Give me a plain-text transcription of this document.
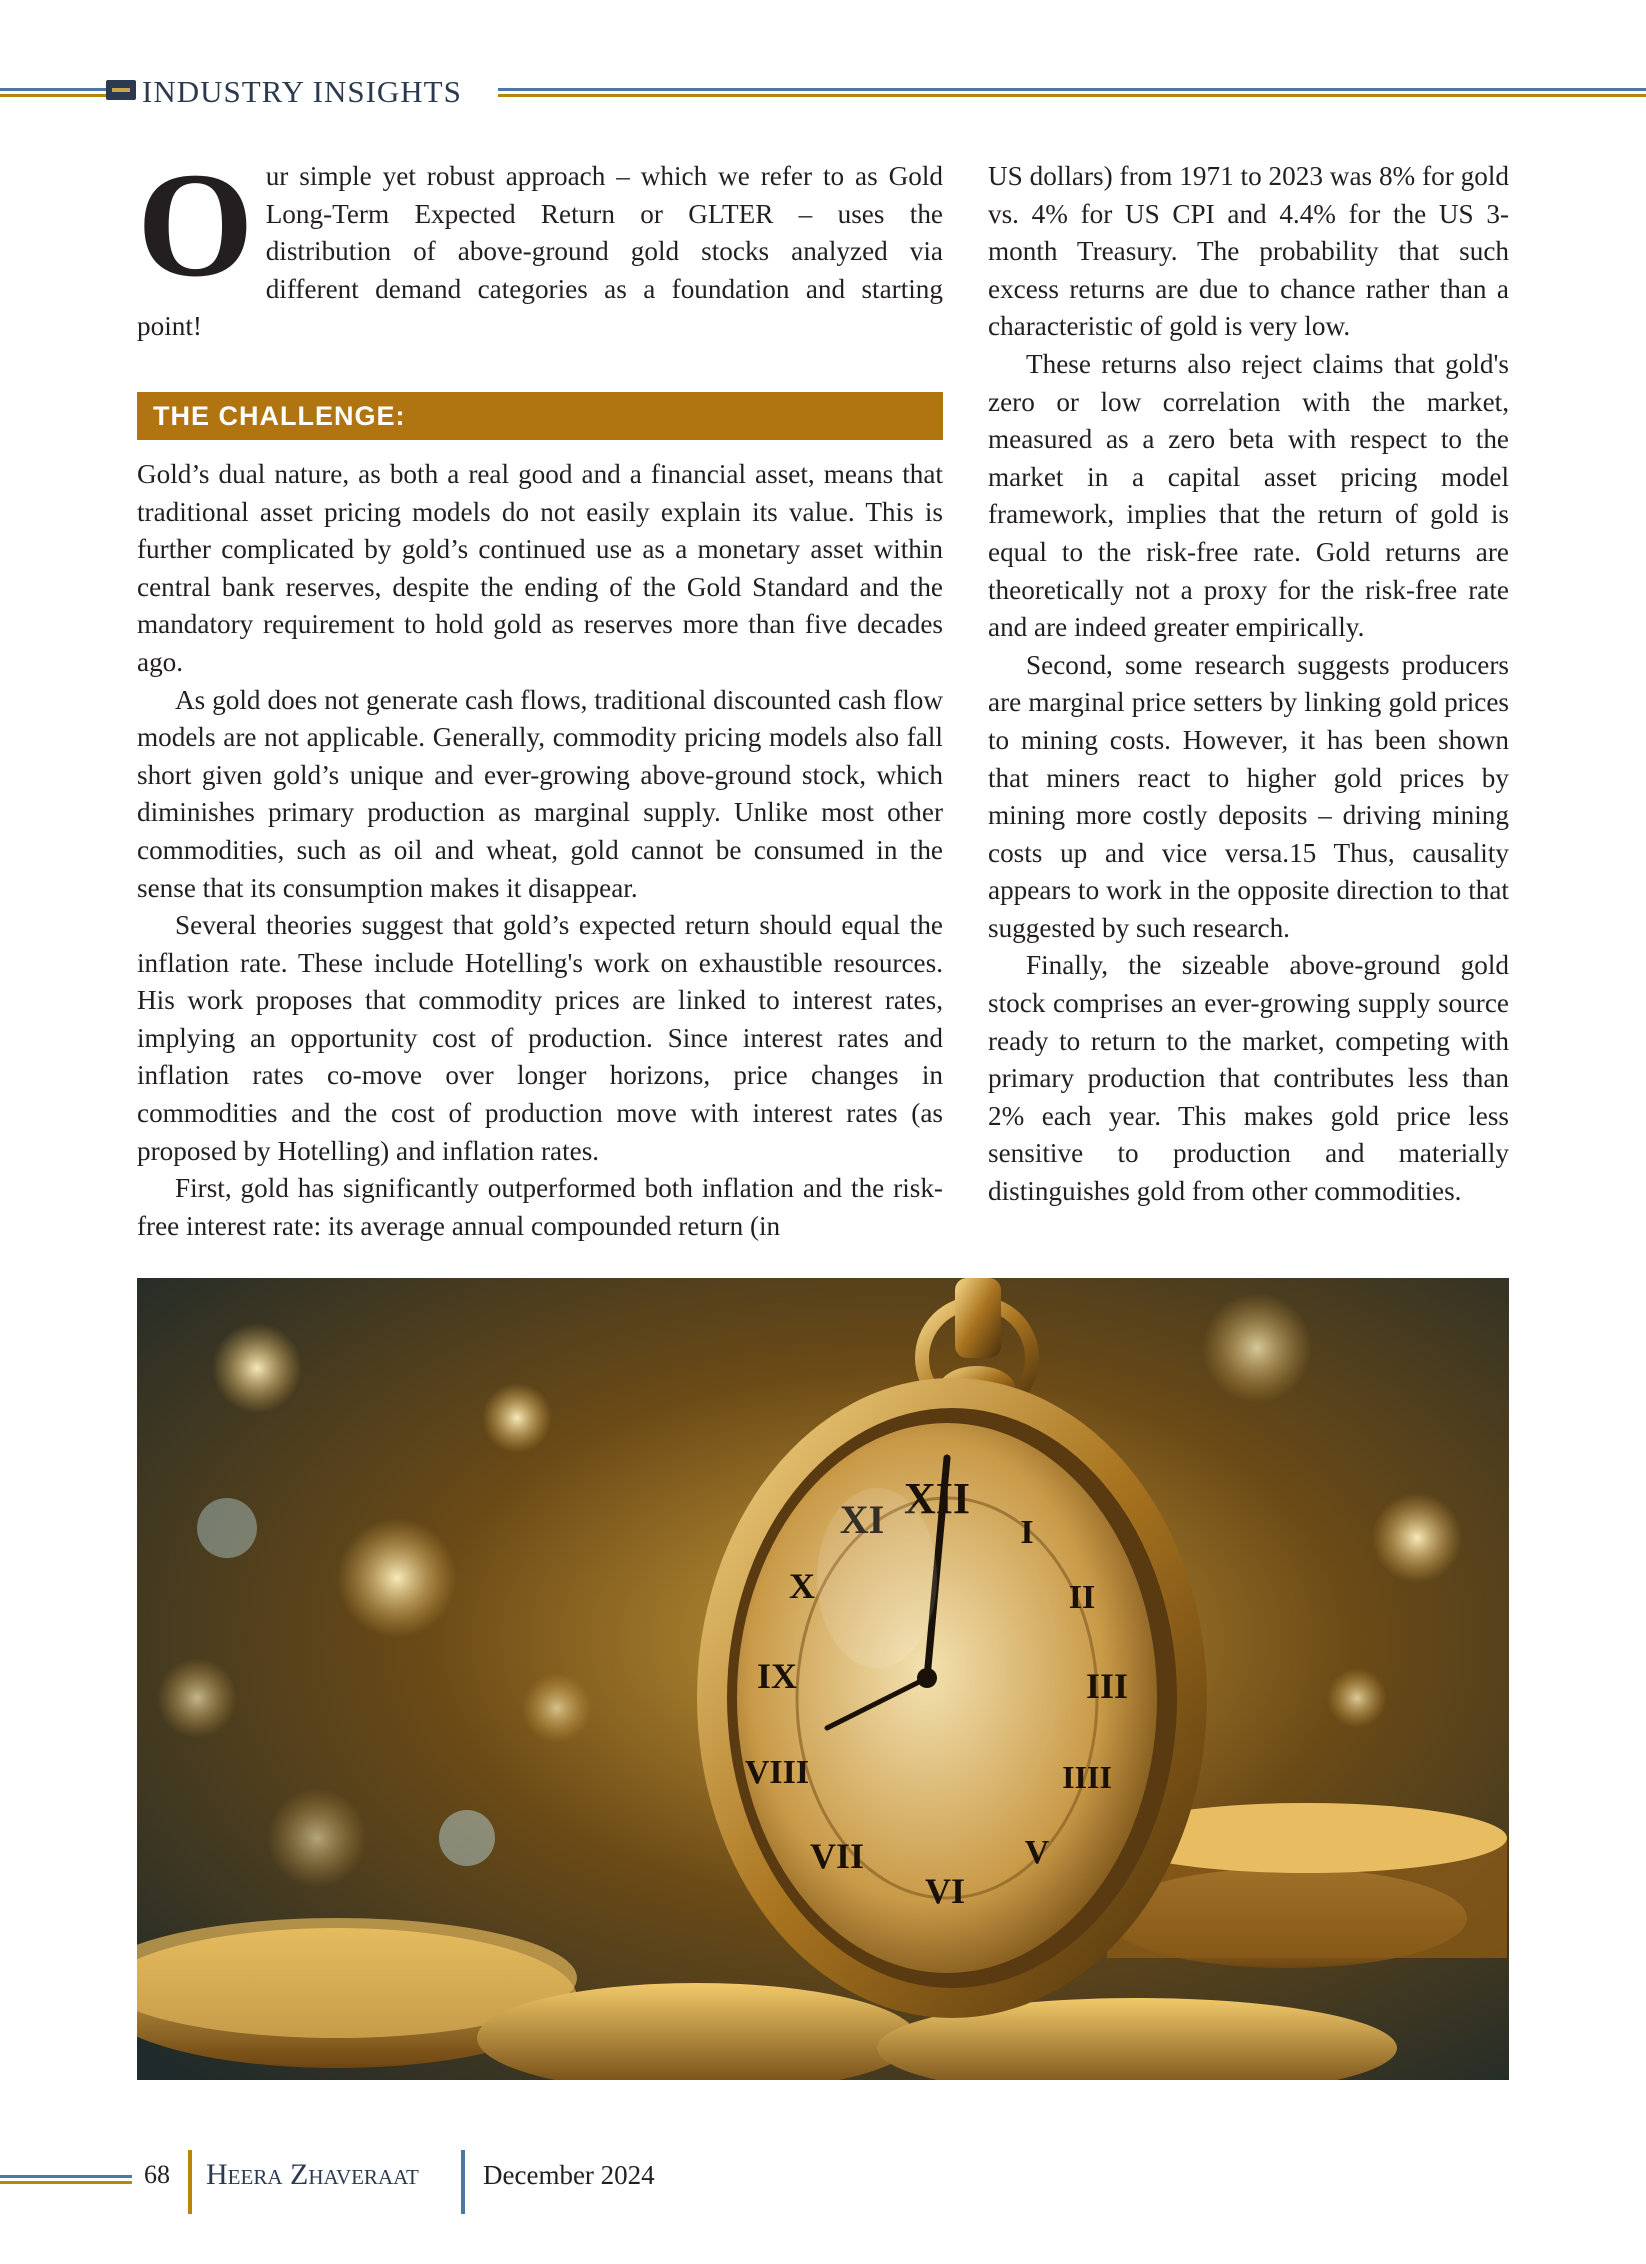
INDUSTRY INSIGHTS

Our simple yet robust approach – which we refer to as Gold Long-Term Expected Return or GLTER – uses the distribution of above-ground gold stocks analyzed via different demand categories as a foundation and starting point!

THE CHALLENGE:

Gold’s dual nature, as both a real good and a financial asset, means that traditional asset pricing models do not easily explain its value. This is further complicated by gold’s continued use as a monetary asset within central bank reserves, despite the ending of the Gold Standard and the mandatory requirement to hold gold as reserves more than five decades ago.

As gold does not generate cash flows, traditional discounted cash flow models are not applicable. Generally, commodity pricing models also fall short given gold’s unique and ever-growing above-ground stock, which diminishes primary production as marginal supply. Unlike most other commodities, such as oil and wheat, gold cannot be consumed in the sense that its consumption makes it disappear.

Several theories suggest that gold’s expected return should equal the inflation rate. These include Hotelling's work on exhaustible resources. His work proposes that commodity prices are linked to interest rates, implying an opportunity cost of production. Since interest rates and inflation rates co-move over longer horizons, price changes in commodities and the cost of production move with interest rates (as proposed by Hotelling) and inflation rates.

First, gold has significantly outperformed both inflation and the risk-free interest rate: its average annual compounded return (in

US dollars) from 1971 to 2023 was 8% for gold vs. 4% for US CPI and 4.4% for the US 3-month Treasury. The probability that such excess returns are due to chance rather than a characteristic of gold is very low.

These returns also reject claims that gold's zero or low correlation with the market, measured as a zero beta with respect to the market in a capital asset pricing model framework, implies that the return of gold is equal to the risk-free rate. Gold returns are theoretically not a proxy for the risk-free rate and are indeed greater empirically.

Second, some research suggests producers are marginal price setters by linking gold prices to mining costs. However, it has been shown that miners react to higher gold prices by mining more costly deposits – driving mining costs up and vice versa.15 Thus, causality appears to work in the opposite direction to that suggested by such research.

Finally, the sizeable above-ground gold stock comprises an ever-growing supply source ready to return to the market, competing with primary production that contributes less than 2% each year. This makes gold price less sensitive to production and materially distinguishes gold from other commodities.

XII
I
II
III
IIII
V
VI
VII
VIII
IX
X
XI
68 Heera Zhaveraat December 2024
